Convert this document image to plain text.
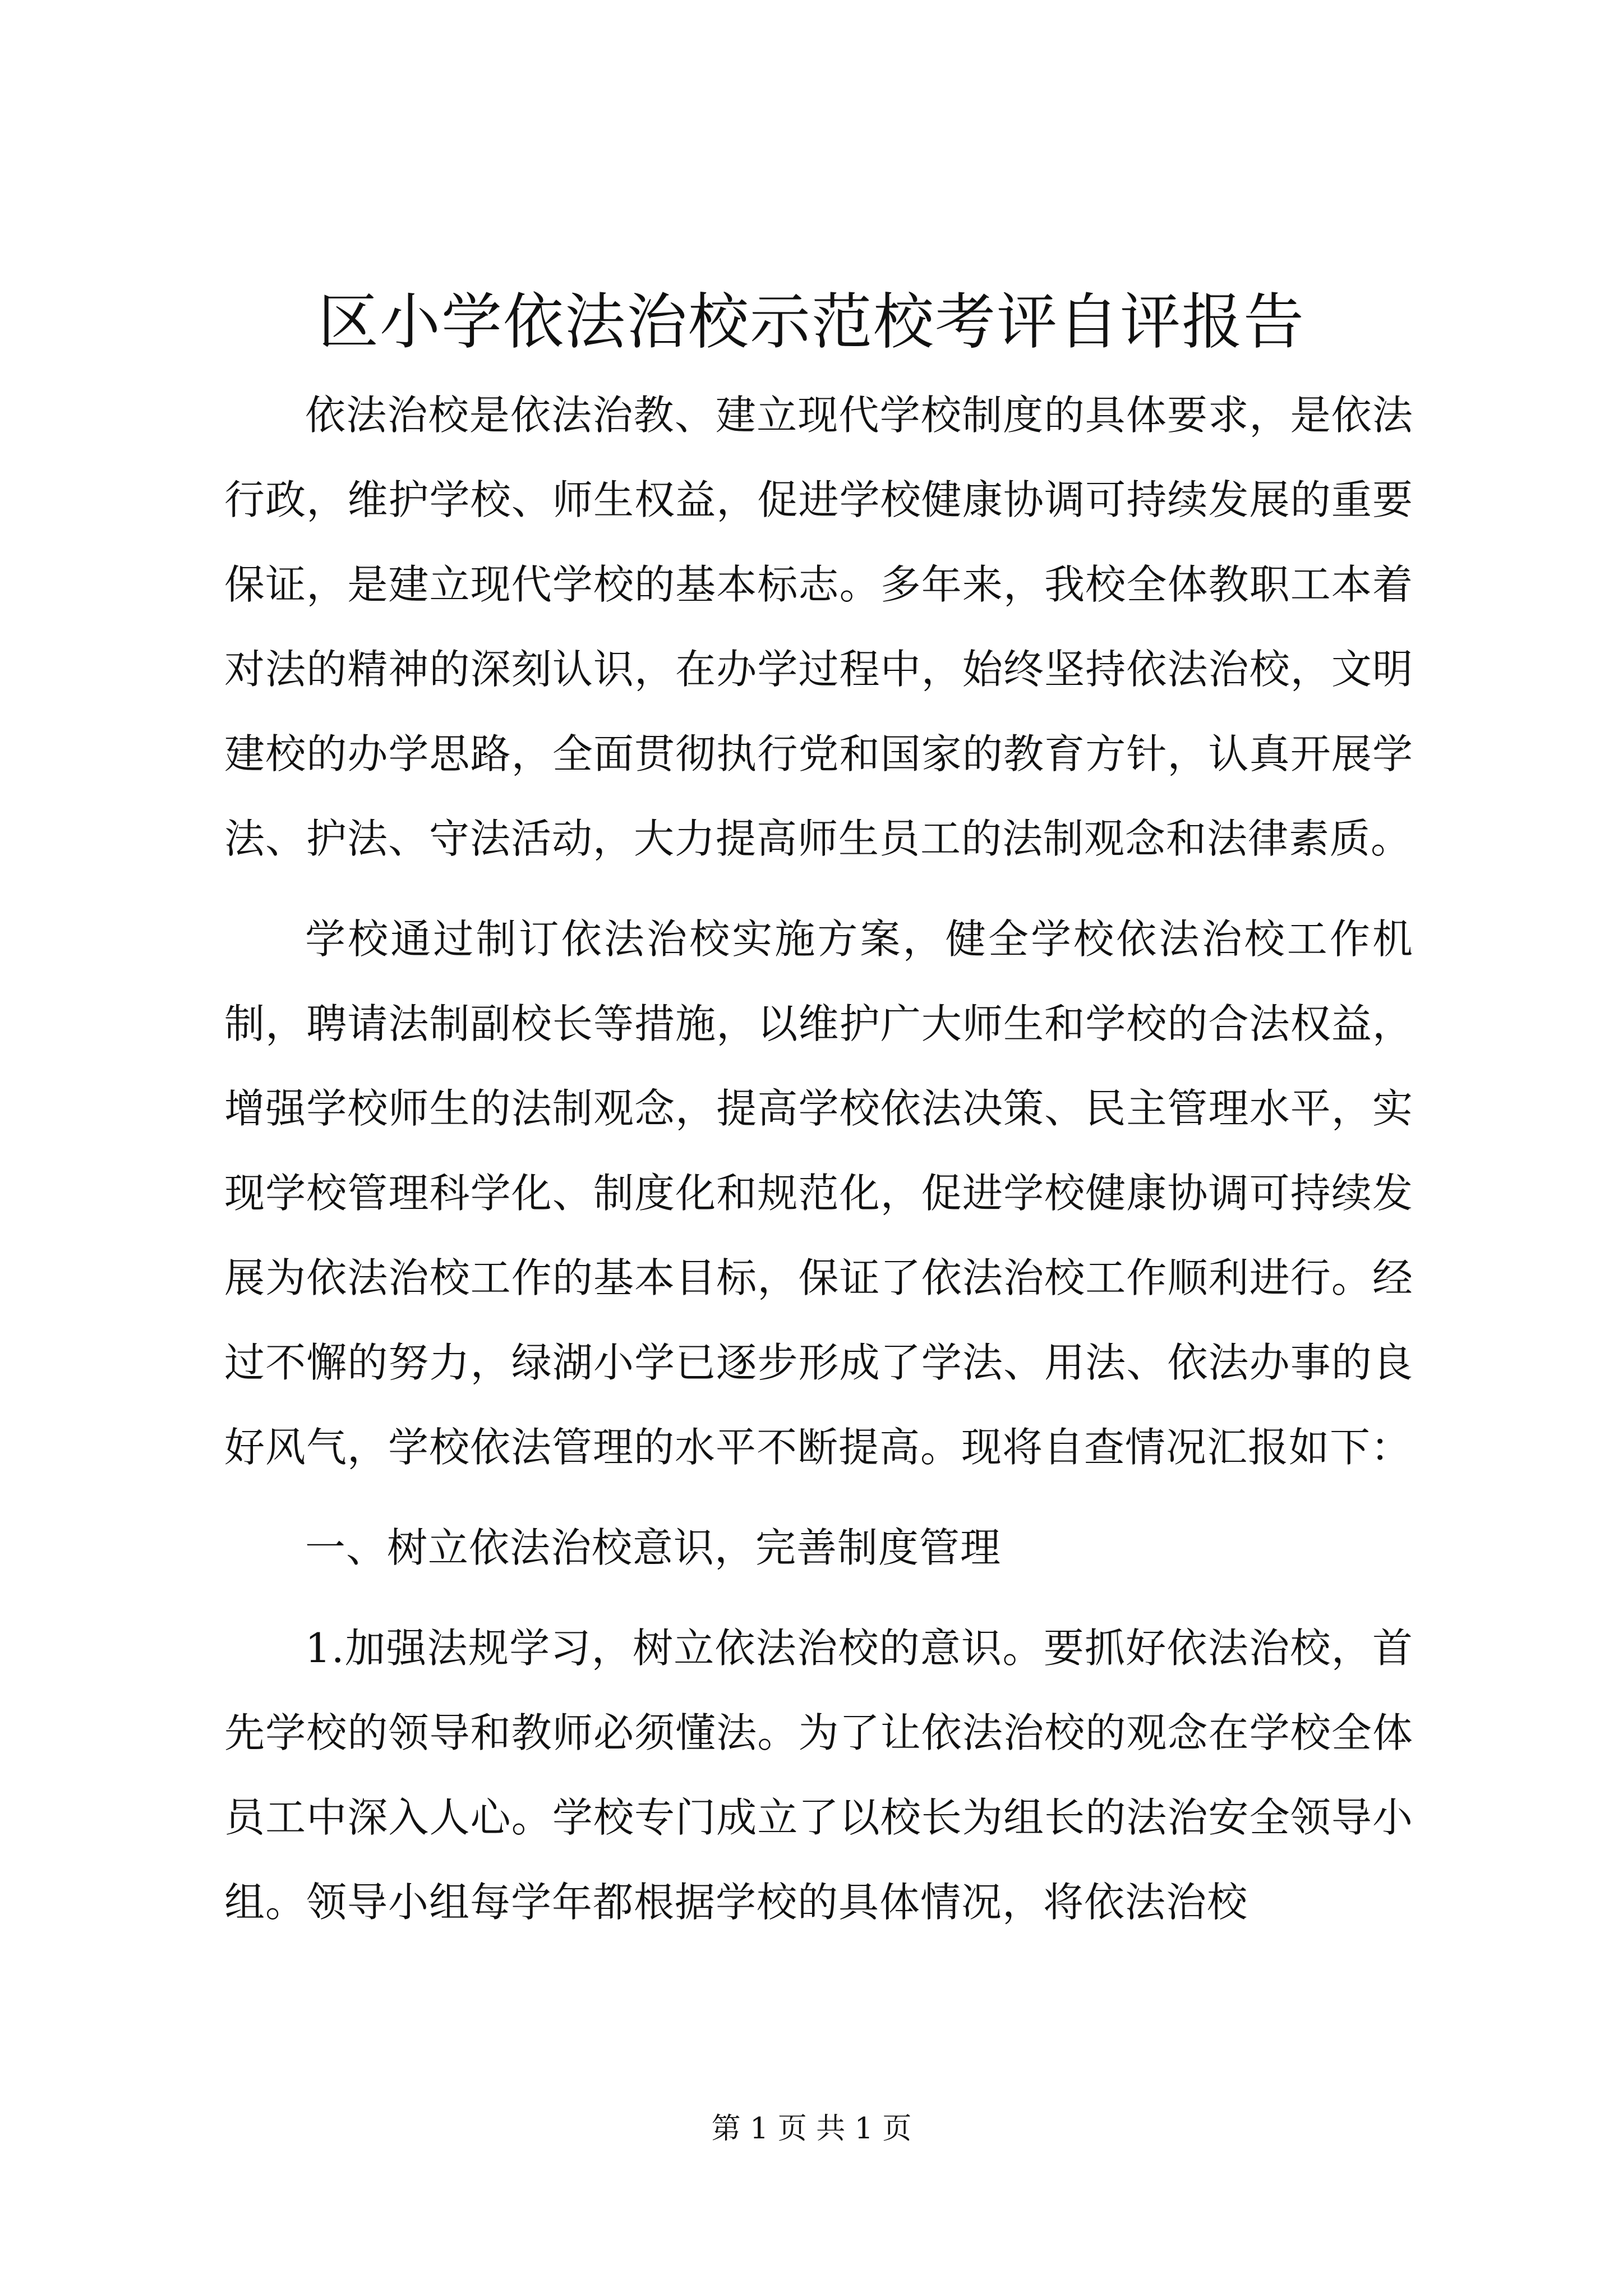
区小学依法治校示范校考评自评报告

依法治校是依法治教、建立现代学校制度的具体要求，是依法行政，维护学校、师生权益，促进学校健康协调可持续发展的重要保证，是建立现代学校的基本标志。多年来，我校全体教职工本着对法的精神的深刻认识，在办学过程中，始终坚持依法治校，文明建校的办学思路，全面贯彻执行党和国家的教育方针，认真开展学法、护法、守法活动，大力提高师生员工的法制观念和法律素质。

学校通过制订依法治校实施方案，健全学校依法治校工作机制，聘请法制副校长等措施，以维护广大师生和学校的合法权益，增强学校师生的法制观念，提高学校依法决策、民主管理水平，实现学校管理科学化、制度化和规范化，促进学校健康协调可持续发展为依法治校工作的基本目标，保证了依法治校工作顺利进行。经过不懈的努力，绿湖小学已逐步形成了学法、用法、依法办事的良好风气，学校依法管理的水平不断提高。现将自查情况汇报如下：

一、树立依法治校意识，完善制度管理

1.加强法规学习，树立依法治校的意识。要抓好依法治校，首先学校的领导和教师必须懂法。为了让依法治校的观念在学校全体员工中深入人心。学校专门成立了以校长为组长的法治安全领导小组。领导小组每学年都根据学校的具体情况，将依法治校

第 1 页 共 1 页
